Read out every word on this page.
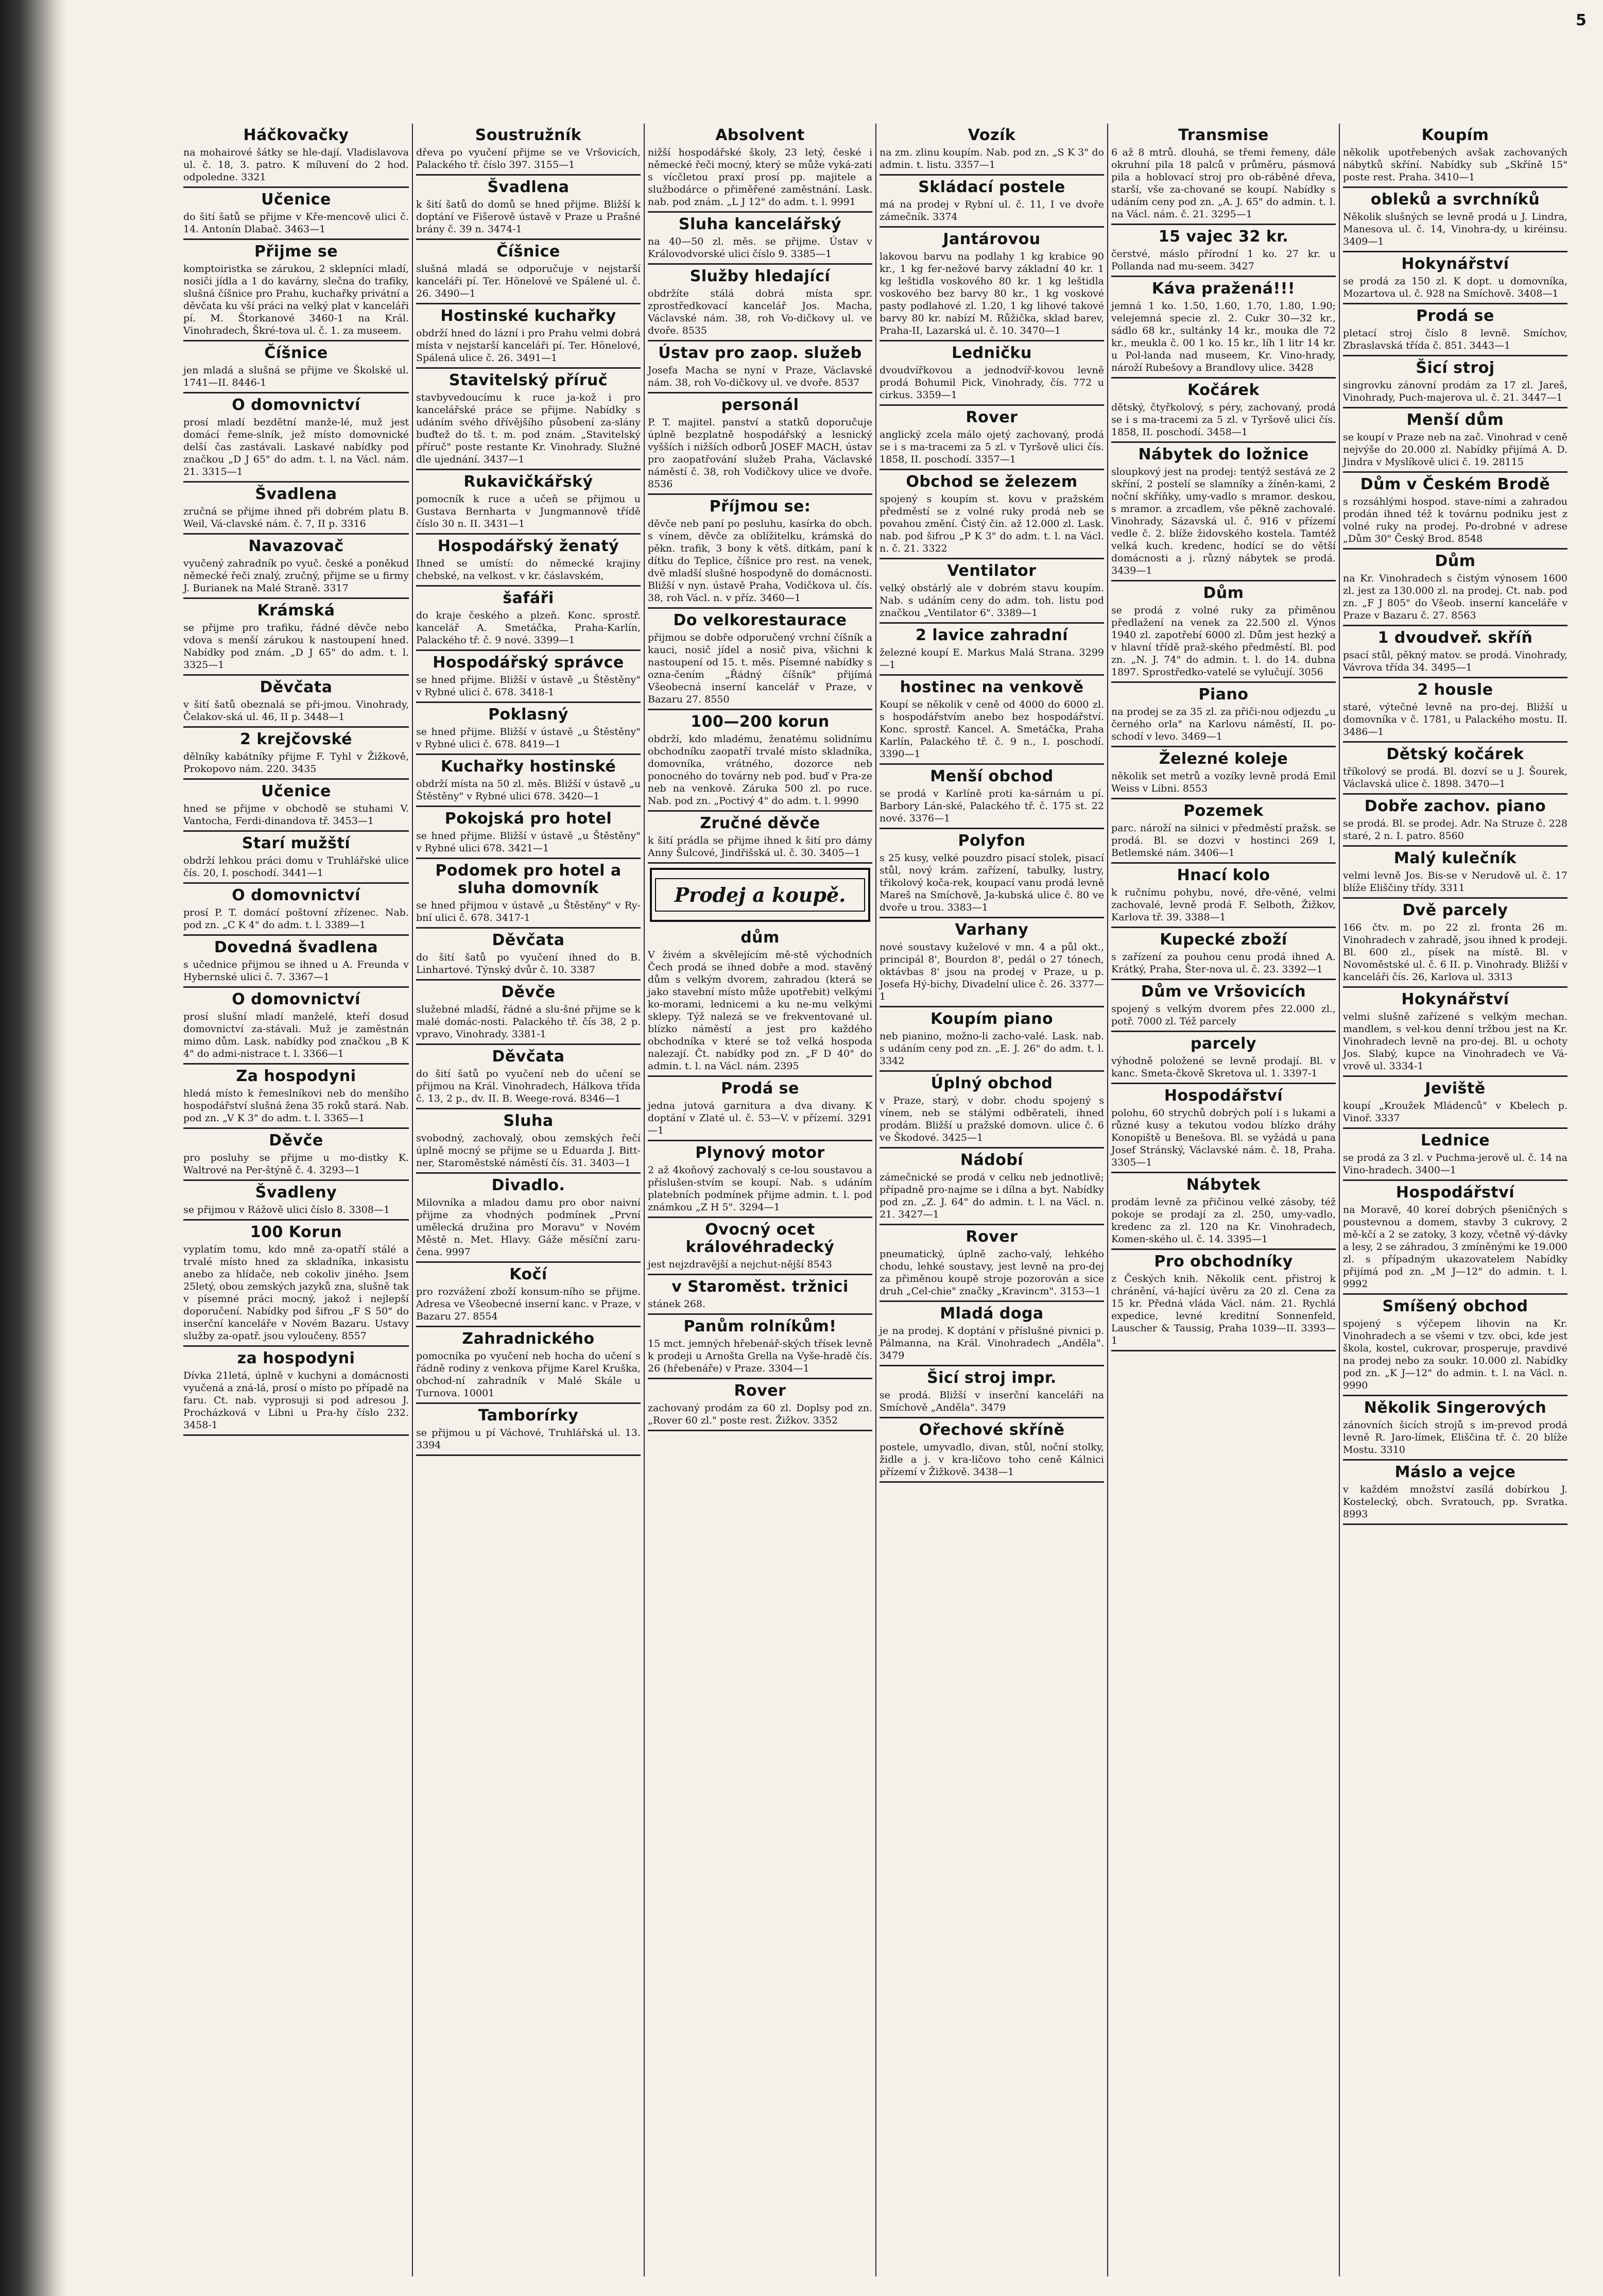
5
Háčkovačky

na mohairové šátky se hle-dají. Vladislavova ul. č. 18, 3. patro. K míluvení do 2 hod. odpoledne. 3321

Učenice

do šití šatů se přijme v Kře-mencově ulici č. 14. Antonín Dlabač. 3463—1

Přijme se

komptoiristka se zárukou, 2 sklepníci mladí, nosiči jídla a 1 do kavárny, slečna do trafiky, slušná číšnice pro Prahu, kuchařky privátní a děvčata ku vší práci na velký plat v kanceláři pí. M. Štorkanové 3460-1 na Král. Vinohradech, Škré-tova ul. č. 1. za museem.

Číšnice

jen mladá a slušná se přijme ve Školské ul. 1741—II. 8446-1

O domovnictví

prosí mladí bezdětní manže-lé, muž jest domácí řeme-slník, jež místo domovnické delší čas zastávali. Laskavé nabídky pod značkou „D J 65" do adm. t. l. na Václ. nám. 21. 3315—1

Švadlena

zručná se přijme ihned při dobrém platu B. Weil, Vá-clavské nám. č. 7, II p. 3316

Navazovač

vyučený zahradník po vyuč. české a poněkud německé řeči znalý, zručný, přijme se u firmy J. Burianek na Malé Straně. 3317

Krámská

se přijme pro trafiku, řádné děvče nebo vdova s menší zárukou k nastoupení hned. Nabídky pod znám. „D J 65" do adm. t. l. 3325—1

Děvčata

v šití šatů obeznalá se při-jmou. Vinohrady, Čelakov-ská ul. 46, II p. 3448—1

2 krejčovské

dělníky kabátníky přijme F. Tyhl v Žižkově, Prokopovo nám. 220. 3435

Učenice

hned se přijme v obchodě se stuhami V. Vantocha, Ferdi-dinandova tř. 3453—1

Starí mužští

obdrží lehkou práci domu v Truhlářské ulice čís. 20, I. poschodí. 3441—1

O domovnictví

prosí P. T. domácí poštovní zřízenec. Nab. pod zn. „C K 4" do adm. t. l. 3389—1

Dovedná švadlena

s učednice přijmou se ihned u A. Freunda v Hybernské ulici č. 7. 3367—1

O domovnictví

prosí slušní mladí manželé, kteří dosud domovnictví za-stávali. Muž je zaměstnán mimo dům. Lask. nabídky pod značkou „B K 4" do admi-nistrace t. l. 3366—1

Za hospodyni

hledá místo k řemeslníkovi neb do menšího hospodářství slušná žena 35 roků stará. Nab. pod zn. „V K 3" do adm. t. l. 3365—1

Děvče

pro posluhy se přijme u mo-distky K. Waltrové na Per-štýně č. 4. 3293—1

Švadleny

se přijmou v Rážově ulici číslo 8. 3308—1

100 Korun

vyplatím tomu, kdo mně za-opatří stálé a trvalé místo hned za skladníka, inkasistu anebo za hlídače, neb cokoliv jiného. Jsem 25letý, obou zemských jazyků zna, slušně tak v písemné práci mocný, jakož i nejlepší doporučení. Nabídky pod šifrou „F S 50" do inserční kanceláře v Novém Bazaru. Ustavy služby za-opatř. jsou vyloučeny. 8557

za hospodyni

Dívka 21letá, úplně v kuchyni a domácnosti vyučená a zná-lá, prosí o místo po případě na faru. Ct. nab. vyprosuji si pod adresou J. Procházková v Libni u Pra-hy číslo 232. 3458-1

Soustružník

dřeva po vyučení přijme se ve Vršovicích, Palackého tř. číslo 397. 3155—1

Švadlena

k šití šatů do domů se hned přijme. Bližší k doptání ve Fišerově ústavě v Praze u Prašné brány č. 39 n. 3474-1

Číšnice

slušná mladá se odporučuje v nejstarší kanceláři pí. Ter. Hönelové ve Spálené ul. č. 26. 3490—1

Hostinské kuchařky

obdrží hned do lázní i pro Prahu velmi dobrá místa v nejstarší kanceláři pí. Ter. Hönelové, Spálená ulice č. 26. 3491—1

Stavitelský příruč

stavbyvedoucímu k ruce ja-kož i pro kancelářské práce se přijme. Nabídky s udáním svého dřívějšího působení za-slány buďtež do tš. t. m. pod znám. „Stavitelský příruč" poste restante Kr. Vinohrady. Služné dle ujednání. 3437—1

Rukavičkářský

pomocník k ruce a učeň se přijmou u Gustava Bernharta v Jungmannově třídě číslo 30 n. II. 3431—1

Hospodářský ženatý

Ihned se umístí: do německé krajiny chebské, na velkost. v kr. čáslavském,

šafáři

do kraje českého a plzeň. Konc. sprostř. kancelář A. Smetáčka, Praha-Karlín, Palackého tř. č. 9 nové. 3399—1

Hospodářský správce

se hned přijme. Bližší v ústavě „u Štěstěny" v Rybné ulici č. 678. 3418-1

Poklasný

se hned přijme. Bližší v ústavě „u Štěstěny" v Rybné ulici č. 678. 8419—1

Kuchařky hostinské

obdrží místa na 50 zl. měs. Bližší v ústavě „u Štěstěny" v Rybné ulici 678. 3420—1

Pokojská pro hotel

se hned přijme. Bližší v ústavě „u Štěstěny" v Rybné ulici 678. 3421—1

Podomek pro hotel a sluha domovník

se hned přijmou v ústavě „u Štěstěny" v Ry-bní ulici č. 678. 3417-1

Děvčata

do šití šatů po vyučení ihned do B. Linhartové. Týnský dvůr č. 10. 3387

Děvče

služebné mladší, řádné a slu-šné přijme se k malé domác-nosti. Palackého tř. čís 38, 2 p. vpravo, Vinohrady. 3381-1

Děvčata

do šití šatů po vyučení neb do učení se přijmou na Král. Vinohradech, Hálkova třída č. 13, 2 p., dv. II. B. Weege-rová. 8346—1

Sluha

svobodný, zachovalý, obou zemských řečí úplně mocný se přijme se u Eduarda J. Bitt-ner, Staroměstské náměstí čís. 31. 3403—1

Divadlo.

Milovníka a mladou damu pro obor naivní přijme za vhodných podmínek „První umělecká družina pro Moravu" v Novém Městě n. Met. Hlavy. Gáže měsíční zaru-čena. 9997

Kočí

pro rozvážení zboží konsum-ního se přijme. Adresa ve Všeobecné inserní kanc. v Praze, v Bazaru 27. 8554

Zahradnického

pomocníka po vyučení neb hocha do učení s řádně rodiny z venkova přijme Karel Kruška, obchod-ní zahradník v Malé Skále u Turnova. 10001

Tamborírky

se přijmou u pí Váchové, Truhlářská ul. 13. 3394

Absolvent

nižší hospodářské školy, 23 letý, české i německé řeči mocný, který se může vyká-zati s vícčletou praxí prosí pp. majitele a službodárce o přiměřené zaměstnání. Lask. nab. pod znám. „L J 12" do adm. t. l. 9991

Sluha kancelářský

na 40—50 zl. měs. se přijme. Ústav v Královodvorské ulici číslo 9. 3385—1

Služby hledající

obdržíte stálá dobrá místa spr. zprostředkovací kancelář Jos. Macha, Václavské nám. 38, roh Vo-dičkovy ul. ve dvoře. 8535

Ústav pro zaop. služeb

Josefa Macha se nyní v Praze, Václavské nám. 38, roh Vo-dičkovy ul. ve dvoře. 8537

personál

P. T. majitel. panství a statků doporučuje úplně bezplatně hospodářský a lesnický vyšších i nižších odborů JOSEF MACH, ústav pro zaopatřování služeb Praha, Václavské náměstí č. 38, roh Vodičkovy ulice ve dvoře. 8536

Příjmou se:

děvče neb paní po posluhu, kasírka do obch. s vínem, děvče za oblížitelku, krámská do pěkn. trafik, 3 bony k větš. dítkám, paní k dítku do Teplice, číšnice pro rest. na venek, dvě mladší slušné hospodyně do domácnosti. Bližší v nyn. ústavě Praha, Vodičkova ul. čís. 38, roh Václ. n. v příz. 3460—1

Do velkorestaurace

přijmou se dobře odporučený vrchní číšník a kauci, nosič jídel a nosič piva, všichni k nastoupení od 15. t. měs. Písemné nabídky s ozna-čením „Řádný číšník" přijímá Všeobecná inserní kancelář v Praze, v Bazaru 27. 8550

100—200 korun

obdrží, kdo mladému, ženatému solidnímu obchodníku zaopatří trvalé místo skladníka, domovníka, vrátného, dozorce neb ponocného do továrny neb pod. buď v Pra-ze neb na venkově. Záruka 500 zl. po ruce. Nab. pod zn. „Poctivý 4" do adm. t. l. 9990

Zručné děvče

k šití prádla se přijme ihned k šití pro dámy Anny Šulcové, Jindřišská ul. č. 30. 3405—1

Prodej a koupě.
dům

V živém a skvělejícím mě-stě východních Čech prodá se ihned dobře a mod. stavěný dům s velkým dvorem, zahradou (která se jako stavební místo může upotřebit) velkými ko-morami, lednicemi a ku ne-mu velkými sklepy. Týž nalezá se ve frekventované ul. blízko náměstí a jest pro každého obchodníka v které se tož velká hospoda nalezají. Čt. nabídky pod zn. „F D 40" do admin. t. l. na Václ. nám. 2395

Prodá se

jedna jutová garnitura a dva divany. K doptání v Zlaté ul. č. 53—V. v přízemí. 3291—1

Plynový motor

2 až 4koňový zachovalý s ce-lou soustavou a příslušen-stvím se koupí. Nab. s udáním platebních podmínek přijme admin. t. l. pod známkou „Z H 5". 3294—1

Ovocný ocet královéhradecký

jest nejzdravější a nejchut-nější 8543

v Staroměst. tržnici

stánek 268.

Panům rolníkům!

15 mct. jemných hřebenář-ských třísek levně k prodeji u Arnošta Grella na Vyše-hradě čís. 26 (hřebenáře) v Praze. 3304—1

Rover

zachovaný prodám za 60 zl. Doplsy pod zn. „Rover 60 zl." poste rest. Žižkov. 3352

Vozík

na zm. zlinu koupím. Nab. pod zn. „S K 3" do admin. t. listu. 3357—1

Skládací postele

má na prodej v Rybní ul. č. 11, I ve dvoře zámečník. 3374

Jantárovou

lakovou barvu na podlahy 1 kg krabice 90 kr., 1 kg fer-nežové barvy základní 40 kr. 1 kg leštidla voskového 80 kr. 1 kg leštidla voskového bez barvy 80 kr., 1 kg voskové pasty podlahové zl. 1.20, 1 kg lihové takové barvy 80 kr. nabízí M. Růžička, sklad barev, Praha-II, Lazarská ul. č. 10. 3470—1

Ledničku

dvoudvířkovou a jednodvíř-kovou levně prodá Bohumil Pick, Vinohrady, čís. 772 u cirkus. 3359—1

Rover

anglický zcela málo ojetý zachovaný, prodá se i s ma-tracemi za 5 zl. v Tyršově ulici čís. 1858, II. poschodí. 3357—1

Obchod se železem

spojený s koupím st. kovu v pražském předměstí se z volné ruky prodá neb se povahou změní. Čistý čin. až 12.000 zl. Lask. nab. pod šifrou „P K 3" do adm. t. l. na Václ. n. č. 21. 3322

Ventilator

velký obstárlý ale v dobrém stavu koupím. Nab. s udáním ceny do adm. toh. listu pod značkou „Ventilator 6". 3389—1

2 lavice zahradní

železné koupí E. Markus Malá Strana. 3299—1

hostinec na venkově

Koupí se několik v ceně od 4000 do 6000 zl. s hospodářstvím anebo bez hospodářství. Konc. sprostř. Kancel. A. Smetáčka, Praha Karlín, Palackého tř. č. 9 n., I. poschodí. 3390—1

Menší obchod

se prodá v Karlíně proti ka-sárnám u pí. Barbory Lán-ské, Palackého tř. č. 175 st. 22 nové. 3376—1

Polyfon

s 25 kusy, velké pouzdro pisací stolek, pisací stůl, nový krám. zařízení, tabulky, lustry, třikolový koča-rek, koupací vanu prodá levně Mareš na Smíchově, Ja-kubská ulice č. 80 ve dvoře u trou. 3383—1

Varhany

nové soustavy kuželové v mn. 4 a půl okt., principál 8', Bourdon 8', pedál o 27 tónech, oktávbas 8' jsou na prodej v Praze, u p. Josefa Hý-bichy, Divadelní ulice č. 26. 3377—1

Koupím piano

neb pianino, možno-li zacho-valé. Lask. nab. s udáním ceny pod zn. „E. J. 26" do adm. t. l. 3342

Úplný obchod

v Praze, starý, v dobr. chodu spojený s vínem, neb se stálými odběrateli, ihned prodám. Bližší u pražské domovn. ulice č. 6 ve Škodové. 3425—1

Nádobí

zámečnické se prodá v celku neb jednotlivě; případně pro-najme se i dílna a byt. Nabídky pod zn. „Z. J. 64" do admin. t. l. na Václ. n. 21. 3427—1

Rover

pneumatický, úplně zacho-valý, lehkého chodu, lehké soustavy, jest levně na pro-dej za přiměnou koupě stroje pozorován a sice druh „Cel-chie" značky „Kravincm". 3153—1

Mladá doga

je na prodej. K doptání v příslušné pivnici p. Pálmanna, na Král. Vinohradech „Anděla". 3479

Šicí stroj impr.

se prodá. Bližší v inserční kanceláři na Smíchově „Anděla". 3479

Ořechové skříně

postele, umyvadlo, divan, stůl, noční stolky, židle a j. v kra-ličovo toho ceně Kálnici přízemí v Žižkově. 3438—1

Transmise

6 až 8 mtrů. dlouhá, se třemi řemeny, dále okruhní pila 18 palců v průměru, pásmová pila a hoblovací stroj pro ob-ráběné dřeva, starší, vše za-chované se koupí. Nabídky s udáním ceny pod zn. „A. J. 65" do admin. t. l. na Václ. nám. č. 21. 3295—1

15 vajec 32 kr.

čerstvé, máslo přírodní 1 ko. 27 kr. u Pollanda nad mu-seem. 3427

Káva pražená!!!

jemná 1 ko. 1.50, 1.60, 1.70, 1.80, 1.90; velejemná specie zl. 2. Cukr 30—32 kr., sádlo 68 kr., sultánky 14 kr., mouka dle 72 kr., meukla č. 00 1 ko. 15 kr., líh 1 litr 14 kr. u Pol-landa nad museem, Kr. Vino-hrady, nároží Rubešovy a Brandlovy ulice. 3428

Kočárek

dětský, čtyřkolový, s péry, zachovaný, prodá se i s ma-tracemi za 5 zl. v Tyršově ulici čís. 1858, II. poschodí. 3458—1

Nábytek do ložnice

sloupkový jest na prodej: tentýž sestává ze 2 skříní, 2 postelí se slamníky a žíněn-kami, 2 noční skříňky, umy-vadlo s mramor. deskou, s mramor. a zrcadlem, vše pěkně zachovalé. Vinohrady, Sázavská ul. č. 916 v přízemí vedle č. 2. blíže židovského kostela. Tamtéž velká kuch. kredenc, hodící se do větší domácnosti a j. různý nábytek se prodá. 3439—1

Dům

se prodá z volné ruky za přiměnou předlažení na venek za 22.500 zl. Výnos 1940 zl. zapotřebí 6000 zl. Dům jest hezký a v hlavní třídě praž-ského předměstí. Bl. pod zn. „N. J. 74" do admin. t. l. do 14. dubna 1897. Sprostředko-vatelé se vylučují. 3056

Piano

na prodej se za 35 zl. za přiči-nou odjezdu „u černého orla" na Karlovu náměstí, II. po-schodí v levo. 3469—1

Železné koleje

několik set metrů a vozíky levně prodá Emil Weiss v Libni. 8553

Pozemek

parc. nároží na silnici v předměstí pražsk. se prodá. Bl. se dozvi v hostinci 269 I, Betlemské nám. 3406—1

Hnací kolo

k ručnímu pohybu, nové, dře-věné, velmi zachovalé, levně prodá F. Selboth, Žižkov, Karlova tř. 39. 3388—1

Kupecké zboží

s zařízení za pouhou cenu prodá ihned A. Krátký, Praha, Šter-nova ul. č. 23. 3392—1

Dům ve Vršovicích

spojený s velkým dvorem přes 22.000 zl., potř. 7000 zl. Též parcely

parcely

výhodně položené se levně prodají. Bl. v kanc. Smeta-čkově Skretova ul. 1. 3397-1

Hospodářství

polohu, 60 strychů dobrých polí i s lukami a různé kusy a tekutou vodou blízko dráhy Konopiště u Benešova. Bl. se vyžádá u pana Josef Stránský, Václavské nám. č. 18, Praha. 3305—1

Nábytek

prodám levně za přičinou velké zásoby, též pokoje se prodají za zl. 250, umy-vadlo, kredenc za zl. 120 na Kr. Vinohradech, Komen-ského ul. č. 14. 3395—1

Pro obchodníky

z Českých knih. Několik cent. přistroj k chránění, vá-hající úvěru za 20 zl. Cena za 15 kr. Předná vláda Václ. nám. 21. Rychlá expedice, levné kreditní Sonnenfeld, Lauscher & Taussig, Praha 1039—II. 3393—1

Koupím

několik upotřebených avšak zachovaných nábytků skříní. Nabídky sub „Skříně 15" poste rest. Praha. 3410—1

obleků a svrchníků

Několik slušných se levně prodá u J. Lindra, Manesova ul. č. 14, Vinohra-dy, u kiréinsu. 3409—1

Hokynářství

se prodá za 150 zl. K dopt. u domovníka, Mozartova ul. č. 928 na Smíchově. 3408—1

Prodá se

pletací stroj číslo 8 levně. Smíchov, Zbraslavská třída č. 851. 3443—1

Šicí stroj

singrovku zánovní prodám za 17 zl. Jareš, Vinohrady, Puch-majerova ul. č. 21. 3447—1

Menší dům

se koupí v Praze neb na zač. Vinohrad v ceně nejvýše do 20.000 zl. Nabídky přijímá A. D. Jindra v Myslíkově ulici č. 19. 28115

Dům v Českém Brodě

s rozsáhlými hospod. stave-ními a zahradou prodán ihned též k továrnu podniku jest z volné ruky na prodej. Po-drobné v adrese „Dům 30" Český Brod. 8548

Dům

na Kr. Vinohradech s čistým výnosem 1600 zl. jest za 130.000 zl. na prodej. Ct. nab. pod zn. „F J 805" do Všeob. inserní kanceláře v Praze v Bazaru č. 27. 8563

1 dvoudveř. skříň

psací stůl, pěkný matov. se prodá. Vinohrady, Vávrova třída 34. 3495—1

2 housle

staré, výtečné levně na pro-dej. Bližší u domovníka v č. 1781, u Palackého mostu. II. 3486—1

Dětský kočárek

tříkolový se prodá. Bl. dozví se u J. Šourek, Václavská ulice č. 1898. 3470—1

Dobře zachov. piano

se prodá. Bl. se prodej. Adr. Na Struze č. 228 staré, 2 n. I. patro. 8560

Malý kulečník

velmi levně Jos. Bis-se v Nerudově ul. č. 17 blíže Eliščiny třídy. 3311

Dvě parcely

166 čtv. m. po 22 zl. fronta 26 m. Vinohradech v zahradě, jsou ihned k prodeji. Bl. 600 zl., písek na místě. Bl. v Novoměstské ul. č. 6 II. p. Vinohrady. Bližší v kanceláři čís. 26, Karlova ul. 3313

Hokynářství

velmi slušně zařízené s velkým mechan. mandlem, s vel-kou denní tržbou jest na Kr. Vinohradech levně na pro-dej. Bl. u ochoty Jos. Slabý, kupce na Vinohradech ve Vá-vrově ul. 3334-1

Jeviště

koupí „Kroužek Mládenců" v Kbelech p. Vinoř. 3337

Lednice

se prodá za 3 zl. v Puchma-jerově ul. č. 14 na Vino-hradech. 3400—1

Hospodářství

na Moravě, 40 koreí dobrých pšeničných s poustevnou a domem, stavby 3 cukrovy, 2 mě-kčí a 2 se zatoky, 3 kozy, včetně vý-dávky a lesy, 2 se záhradou, 3 zmíněnými ke 19.000 zl. s případným ukazovatelem Nabídky přijímá pod zn. „M J—12" do admin. t. l. 9992

Smíšený obchod

spojený s výčepem lihovin na Kr. Vinohradech a se všemi v tzv. obci, kde jest škola, kostel, cukrovar, prosperuje, pravdivé na prodej nebo za soukr. 10.000 zl. Nabídky pod zn. „K J—12" do admin. t. l. na Václ. n. 9990

Několik Singerových

zánovních šicích strojů s im-prevod prodá levně R. Jaro-límek, Eliščina tř. č. 20 blíže Mostu. 3310

Máslo a vejce

v každém množství zasílá dobírkou J. Kostelecký, obch. Svratouch, pp. Svratka. 8993
